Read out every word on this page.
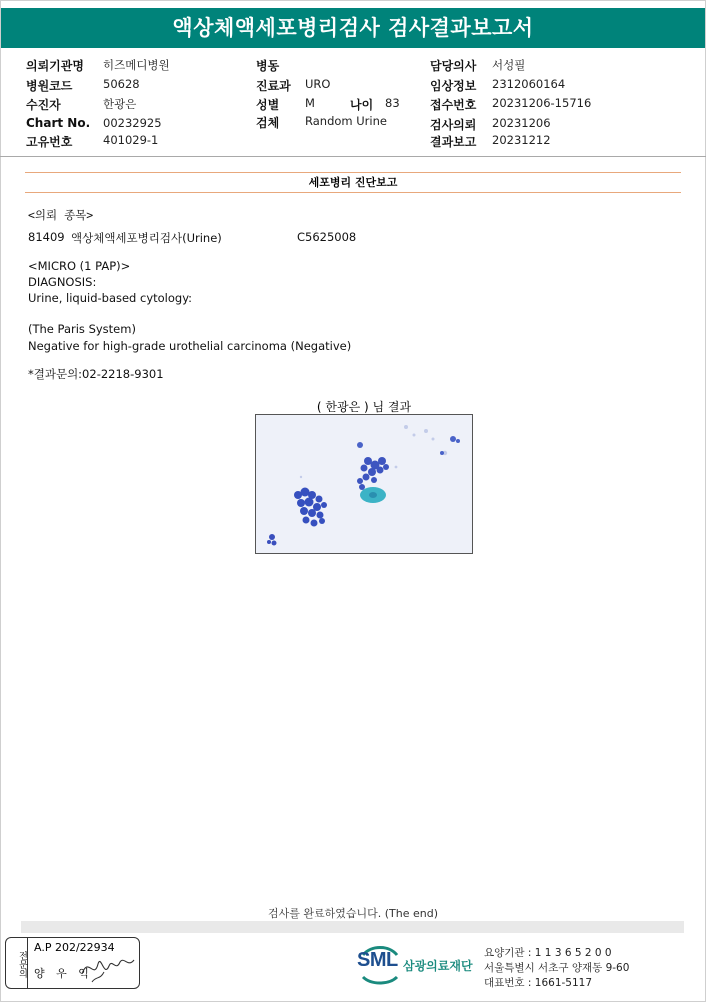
액상체액세포병리검사 검사결과보고서
의뢰기관명 히즈메디병원
병원코드	50628
수진자	한광은
Chart No. 00232925
고유번호	401029-1
병동
진료과 URO
성별 M	나이 83
검체 Random Urine
담당의사 서성필
임상정보 2312060164
접수번호 20231206-15716
검사의뢰 20231206
결과보고 20231212
세포병리 진단보고
<의뢰 종목>
81409 액상체액세포병리검사(Urine)	C5625008
<MICRO (1 PAP)>
DIAGNOSIS:
Urine, liquid-based cytology:
(The Paris System)
Negative for high-grade urothelial carcinoma (Negative)
*결과문의:02-2218-9301
( 한광은 ) 님 결과
검사를 완료하였습니다. (The end)
전문의
A.P 202/22934
양 우 익
SML 삼광의료재단
요양기관 : 1 1 3 6 5 2 0 0
서울특별시 서초구 양재동 9-60
대표번호 : 1661-5117
